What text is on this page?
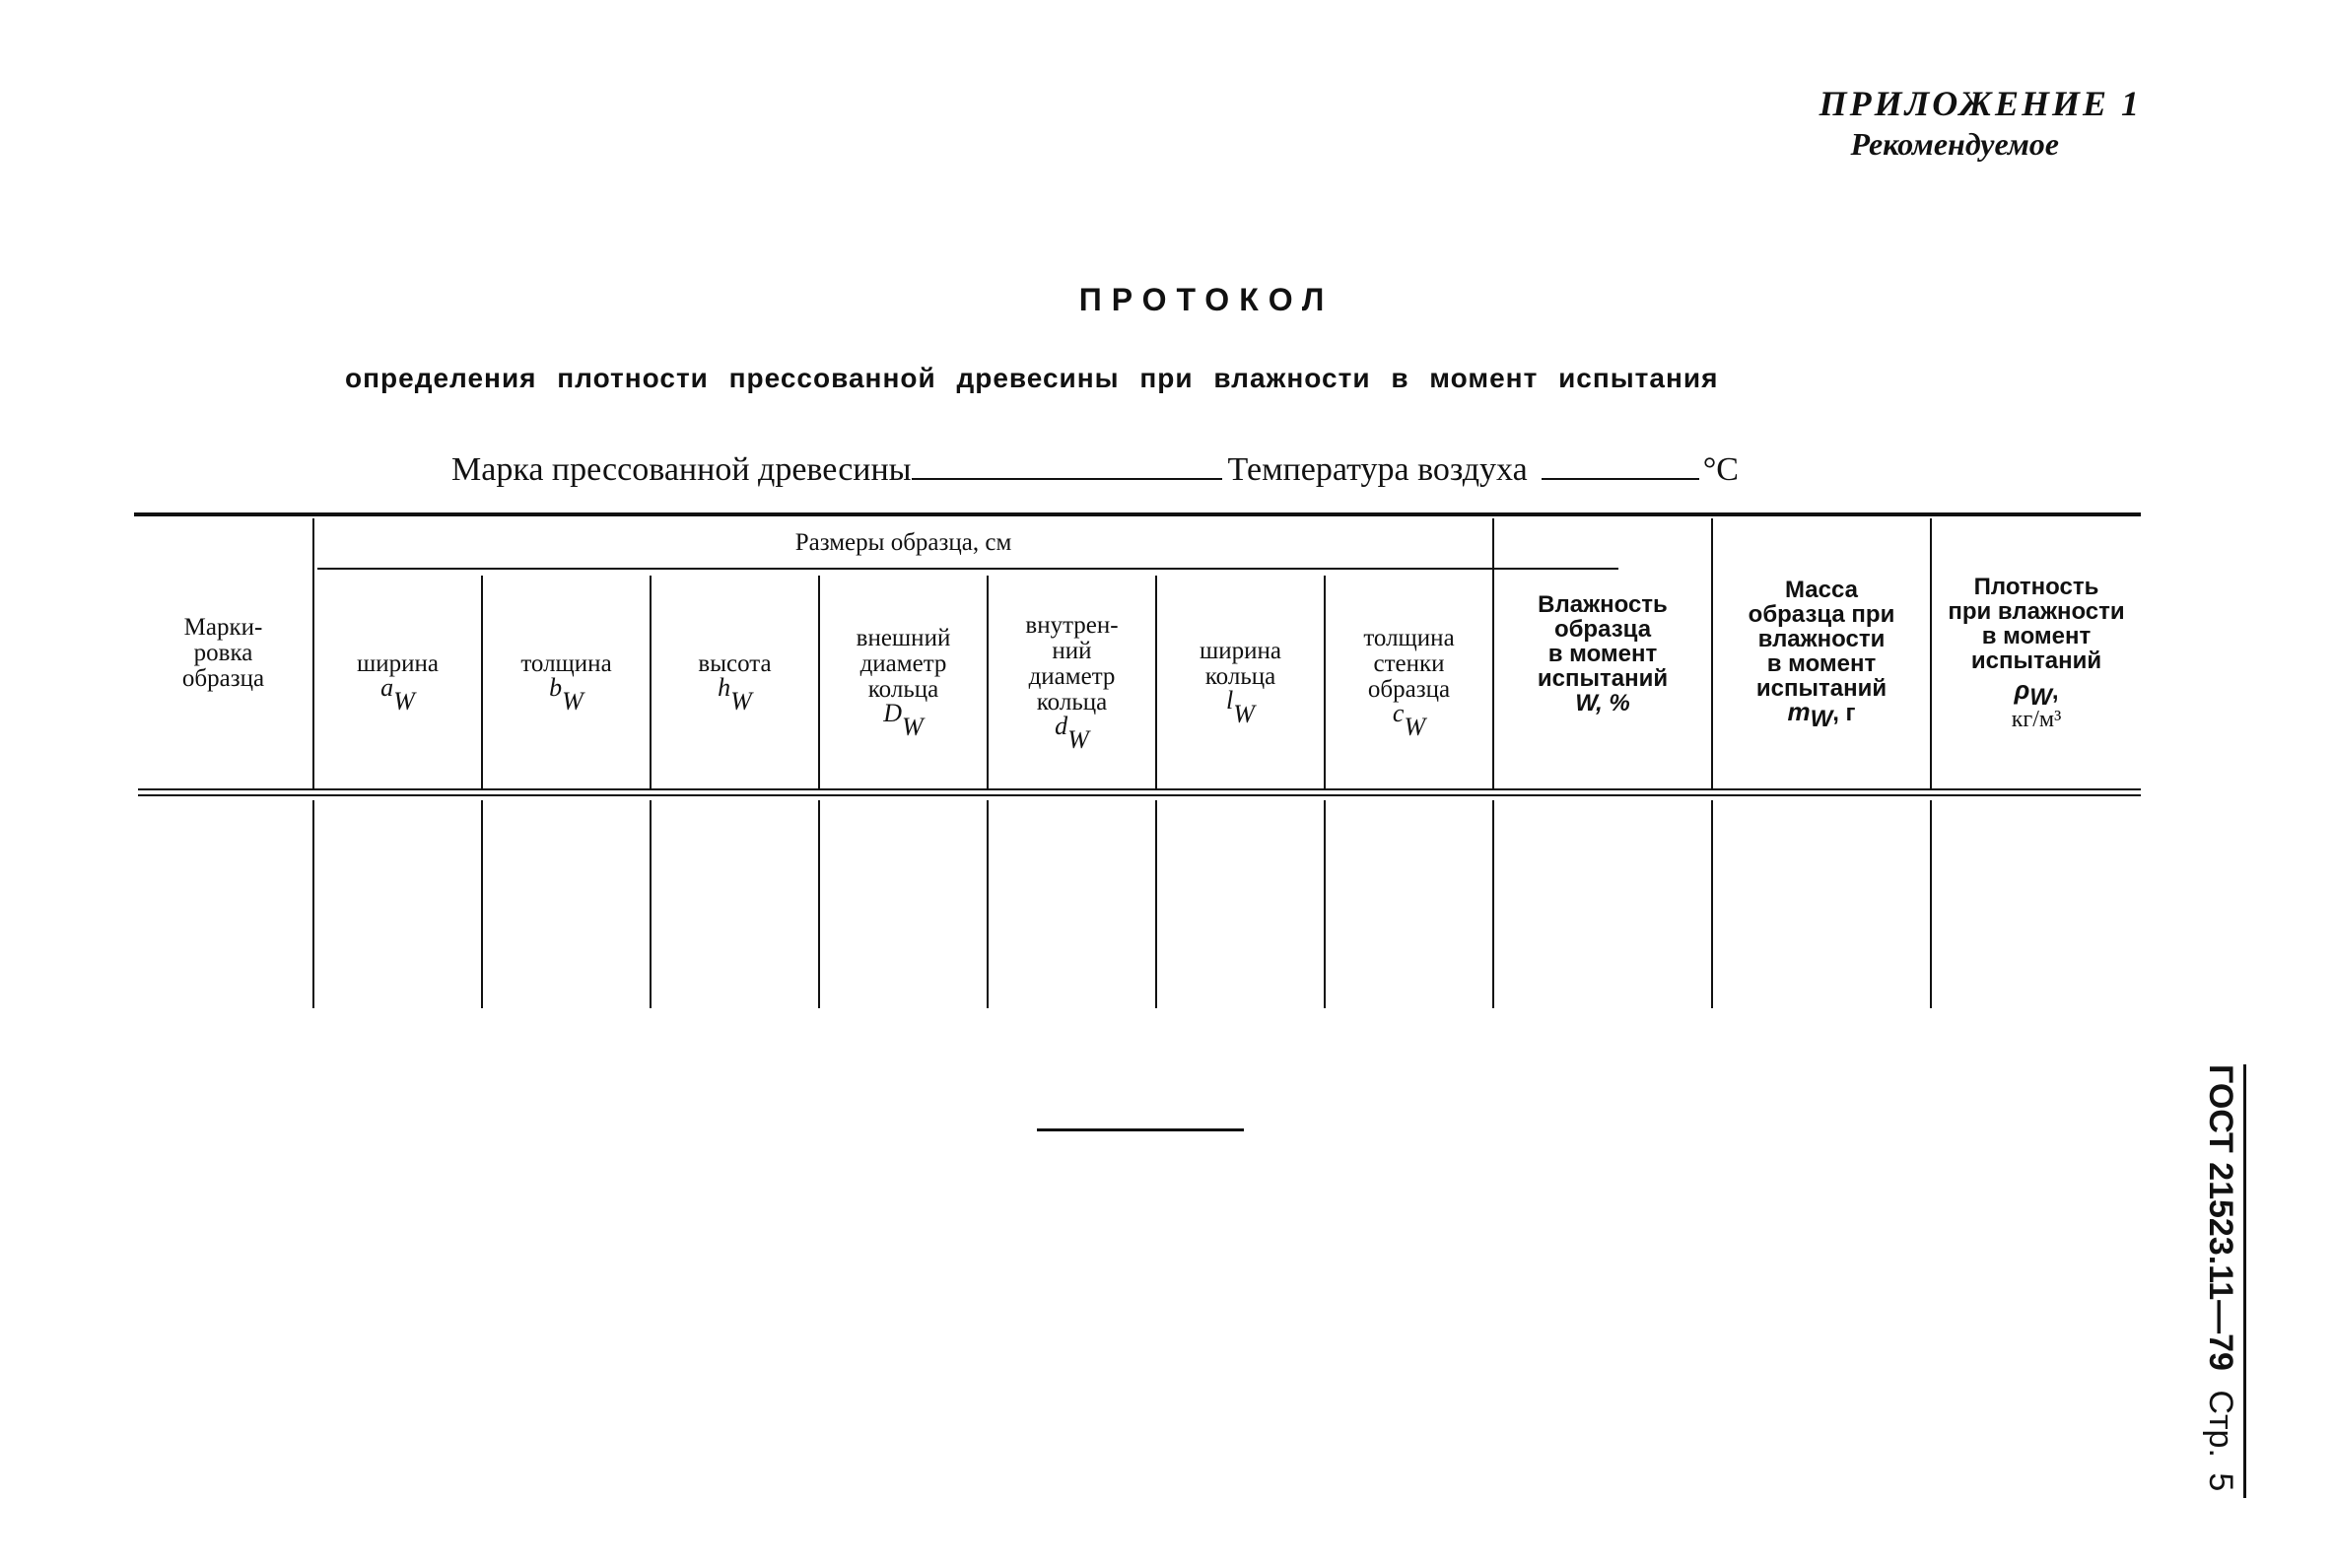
ПРИЛОЖЕНИЕ 1
Рекомендуемое
ПРОТОКОЛ
определения плотности прессованной древесины при влажности в момент испытания
Марка прессованной древесины	Температура воздуха	°С
Марки-
ровка
образца
Размеры образца, см
ширина
$a_W$
толщина
$b_W$
высота
$h_W$
внешний
диаметр
кольца
$D_W$
внутрен-
ний
диаметр
кольца
$d_W$
ширина
кольца
$l_W$
толщина
стенки
образца
$c_W$
Влажность
образца
в момент
испытаний
W, %
Масса
образца при
влажности
в момент
испытаний
$m_W$, г
Плотность
при влажности
в момент
испытаний
$\rho_W$,
кг/м³
ГОСТ 21523.11—79 Стр. 5
